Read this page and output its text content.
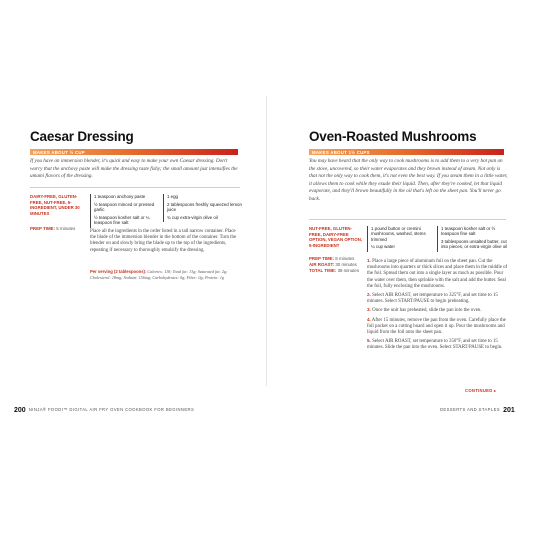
Caesar Dressing
MAKES ABOUT ½ CUP
If you have an immersion blender, it's quick and easy to make your own Caesar dressing. Don't worry that the anchovy paste will make the dressing taste fishy; the small amount just intensifies the umami flavors of the dressing.
DAIRY-FREE, GLUTEN-FREE, NUT-FREE, 5-INGREDIENT, UNDER 30 MINUTES
PREP TIME: 5 minutes
1 teaspoon anchovy paste
½ teaspoon minced or pressed garlic
½ teaspoon kosher salt or ¼ teaspoon fine salt
1 egg
2 tablespoons freshly squeezed lemon juice
¾ cup extra-virgin olive oil
Place all the ingredients in the order listed in a tall narrow container. Place the blade of the immersion blender in the bottom of the container. Turn the blender on and slowly bring the blade up to the top of the ingredients, repeating if necessary to thoroughly emulsify the dressing.
Per serving (2 tablespoons): Calories: 118; Total fat: 13g; Saturated fat: 2g; Cholesterol: 18mg; Sodium: 156mg; Carbohydrates: 0g; Fiber: 0g; Protein: 1g
200 NINJA® FOODI™ DIGITAL AIR FRY OVEN COOKBOOK FOR BEGINNERS
Oven-Roasted Mushrooms
MAKES ABOUT 1½ CUPS
You may have heard that the only way to cook mushrooms is to add them to a very hot pan on the stove, uncovered, so their water evaporates and they brown instead of steam. Not only is that not the only way to cook them, it's not even the best way. If you steam them in a little water, it allows them to cook while they exude their liquid. Then, after they're cooked, let that liquid evaporate, and they'll brown beautifully in the oil that's left on the sheet pan. You'll never go back.
NUT-FREE, GLUTEN-FREE, DAIRY-FREE OPTION, VEGAN OPTION, 5-INGREDIENT
PREP TIME: 8 minutes
AIR ROAST: 30 minutes
TOTAL TIME: 38 minutes
1 pound button or cremini mushrooms, washed, stems trimmed
¼ cup water
1 teaspoon kosher salt or ½ teaspoon fine salt
3 tablespoons unsalted butter, cut into pieces, or extra-virgin olive oil

1. Place a large piece of aluminum foil on the sheet pan. Cut the mushrooms into quarters or thick slices and place them in the middle of the foil. Spread them out into a single layer as much as possible. Pour the water over them, then sprinkle with the salt and add the butter. Seal the foil, fully enclosing the mushrooms.

2. Select AIR ROAST, set temperature to 325°F, and set time to 15 minutes. Select START/PAUSE to begin preheating.

3. Once the unit has preheated, slide the pan into the oven.

4. After 15 minutes, remove the pan from the oven. Carefully place the foil packet on a cutting board and open it up. Pour the mushrooms and liquid from the foil onto the sheet pan.

5. Select AIR ROAST, set temperature to 350°F, and set time to 15 minutes. Slide the pan into the oven. Select START/PAUSE to begin.

CONTINUED ▸
DESSERTS AND STAPLES 201
